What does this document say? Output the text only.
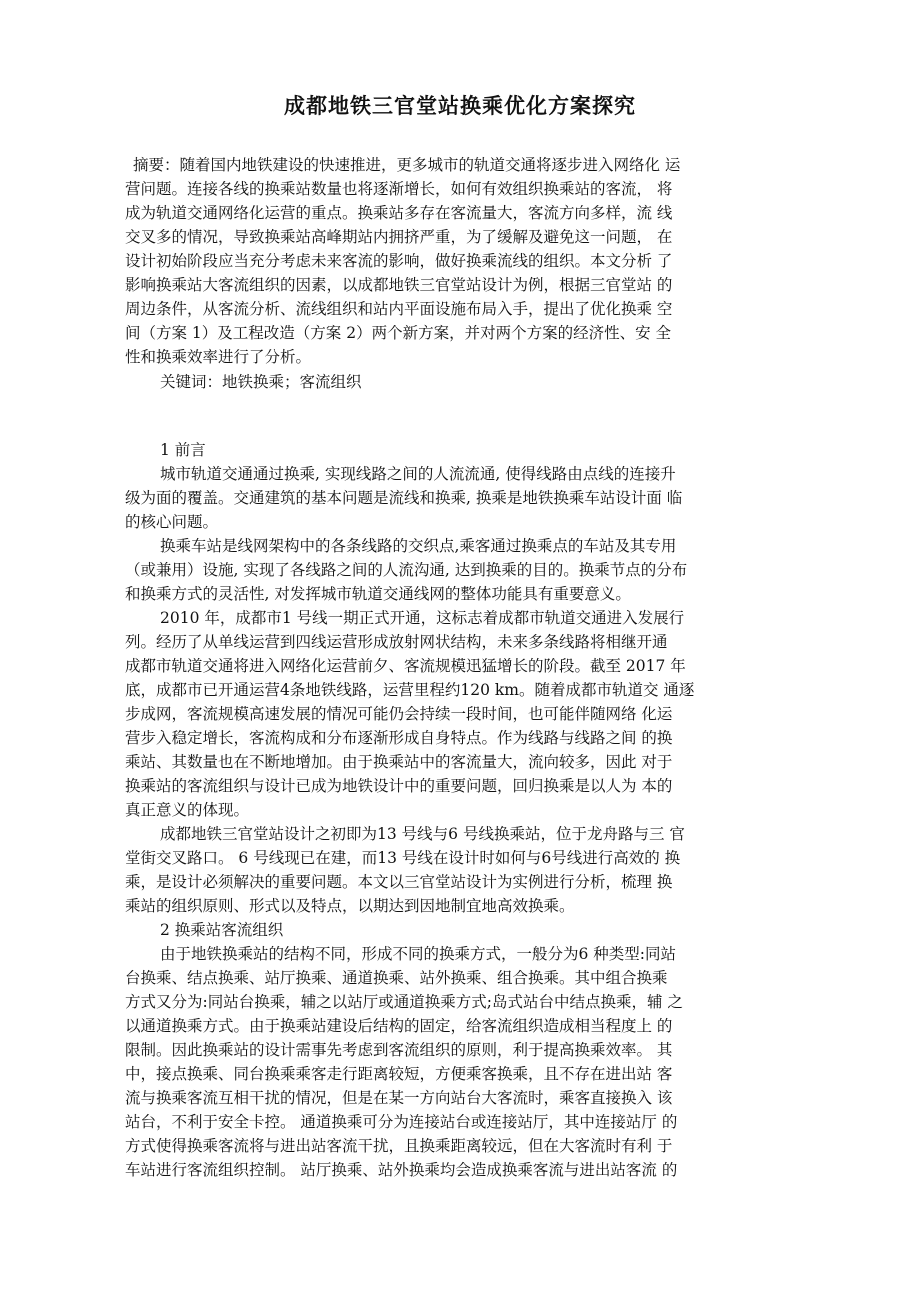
成都地铁三官堂站换乘优化方案探究
摘要：随着国内地铁建设的快速推进，更多城市的轨道交通将逐步进入网络化 运
营问题。连接各线的换乘站数量也将逐渐增长，如何有效组织换乘站的客流， 将
成为轨道交通网络化运营的重点。换乘站多存在客流量大，客流方向多样，流 线
交叉多的情况，导致换乘站高峰期站内拥挤严重，为了缓解及避免这一问题， 在
设计初始阶段应当充分考虑未来客流的影响，做好换乘流线的组织。本文分析 了
影响换乘站大客流组织的因素，以成都地铁三官堂站设计为例，根据三官堂站 的
周边条件，从客流分析、流线组织和站内平面设施布局入手，提出了优化换乘 空
间（方案 1）及工程改造（方案 2）两个新方案，并对两个方案的经济性、安 全
性和换乘效率进行了分析。
关键词：地铁换乘；客流组织
1 前言
城市轨道交通通过换乘, 实现线路之间的人流流通, 使得线路由点线的连接升
级为面的覆盖。交通建筑的基本问题是流线和换乘, 换乘是地铁换乘车站设计面 临
的核心问题。
换乘车站是线网架构中的各条线路的交织点,乘客通过换乘点的车站及其专用
（或兼用）设施, 实现了各线路之间的人流沟通, 达到换乘的目的。换乘节点的分布
和换乘方式的灵活性, 对发挥城市轨道交通线网的整体功能具有重要意义。
2010 年，成都市1 号线一期正式开通，这标志着成都市轨道交通进入发展行
列。经历了从单线运营到四线运营形成放射网状结构，未来多条线路将相继开通
成都市轨道交通将进入网络化运营前夕、客流规模迅猛增长的阶段。截至 2017 年
底，成都市已开通运营4条地铁线路，运营里程约120 km。随着成都市轨道交 通逐
步成网，客流规模高速发展的情况可能仍会持续一段时间，也可能伴随网络 化运
营步入稳定增长，客流构成和分布逐渐形成自身特点。作为线路与线路之间 的换
乘站、其数量也在不断地增加。由于换乘站中的客流量大，流向较多，因此 对于
换乘站的客流组织与设计已成为地铁设计中的重要问题，回归换乘是以人为 本的
真正意义的体现。
成都地铁三官堂站设计之初即为13 号线与6 号线换乘站，位于龙舟路与三 官
堂街交叉路口。 6 号线现已在建，而13 号线在设计时如何与6号线进行高效的 换
乘，是设计必须解决的重要问题。本文以三官堂站设计为实例进行分析，梳理 换
乘站的组织原则、形式以及特点，以期达到因地制宜地高效换乘。
2 换乘站客流组织
由于地铁换乘站的结构不同，形成不同的换乘方式，一般分为6 种类型:同站
台换乘、结点换乘、站厅换乘、通道换乘、站外换乘、组合换乘。其中组合换乘
方式又分为:同站台换乘，辅之以站厅或通道换乘方式;岛式站台中结点换乘，辅 之
以通道换乘方式。由于换乘站建设后结构的固定，给客流组织造成相当程度上 的
限制。因此换乘站的设计需事先考虑到客流组织的原则，利于提高换乘效率。 其
中，接点换乘、同台换乘乘客走行距离较短，方便乘客换乘，且不存在进出站 客
流与换乘客流互相干扰的情况，但是在某一方向站台大客流时，乘客直接换入 该
站台，不利于安全卡控。 通道换乘可分为连接站台或连接站厅，其中连接站厅 的
方式使得换乘客流将与进出站客流干扰，且换乘距离较远，但在大客流时有利 于
车站进行客流组织控制。 站厅换乘、站外换乘均会造成换乘客流与进出站客流 的
